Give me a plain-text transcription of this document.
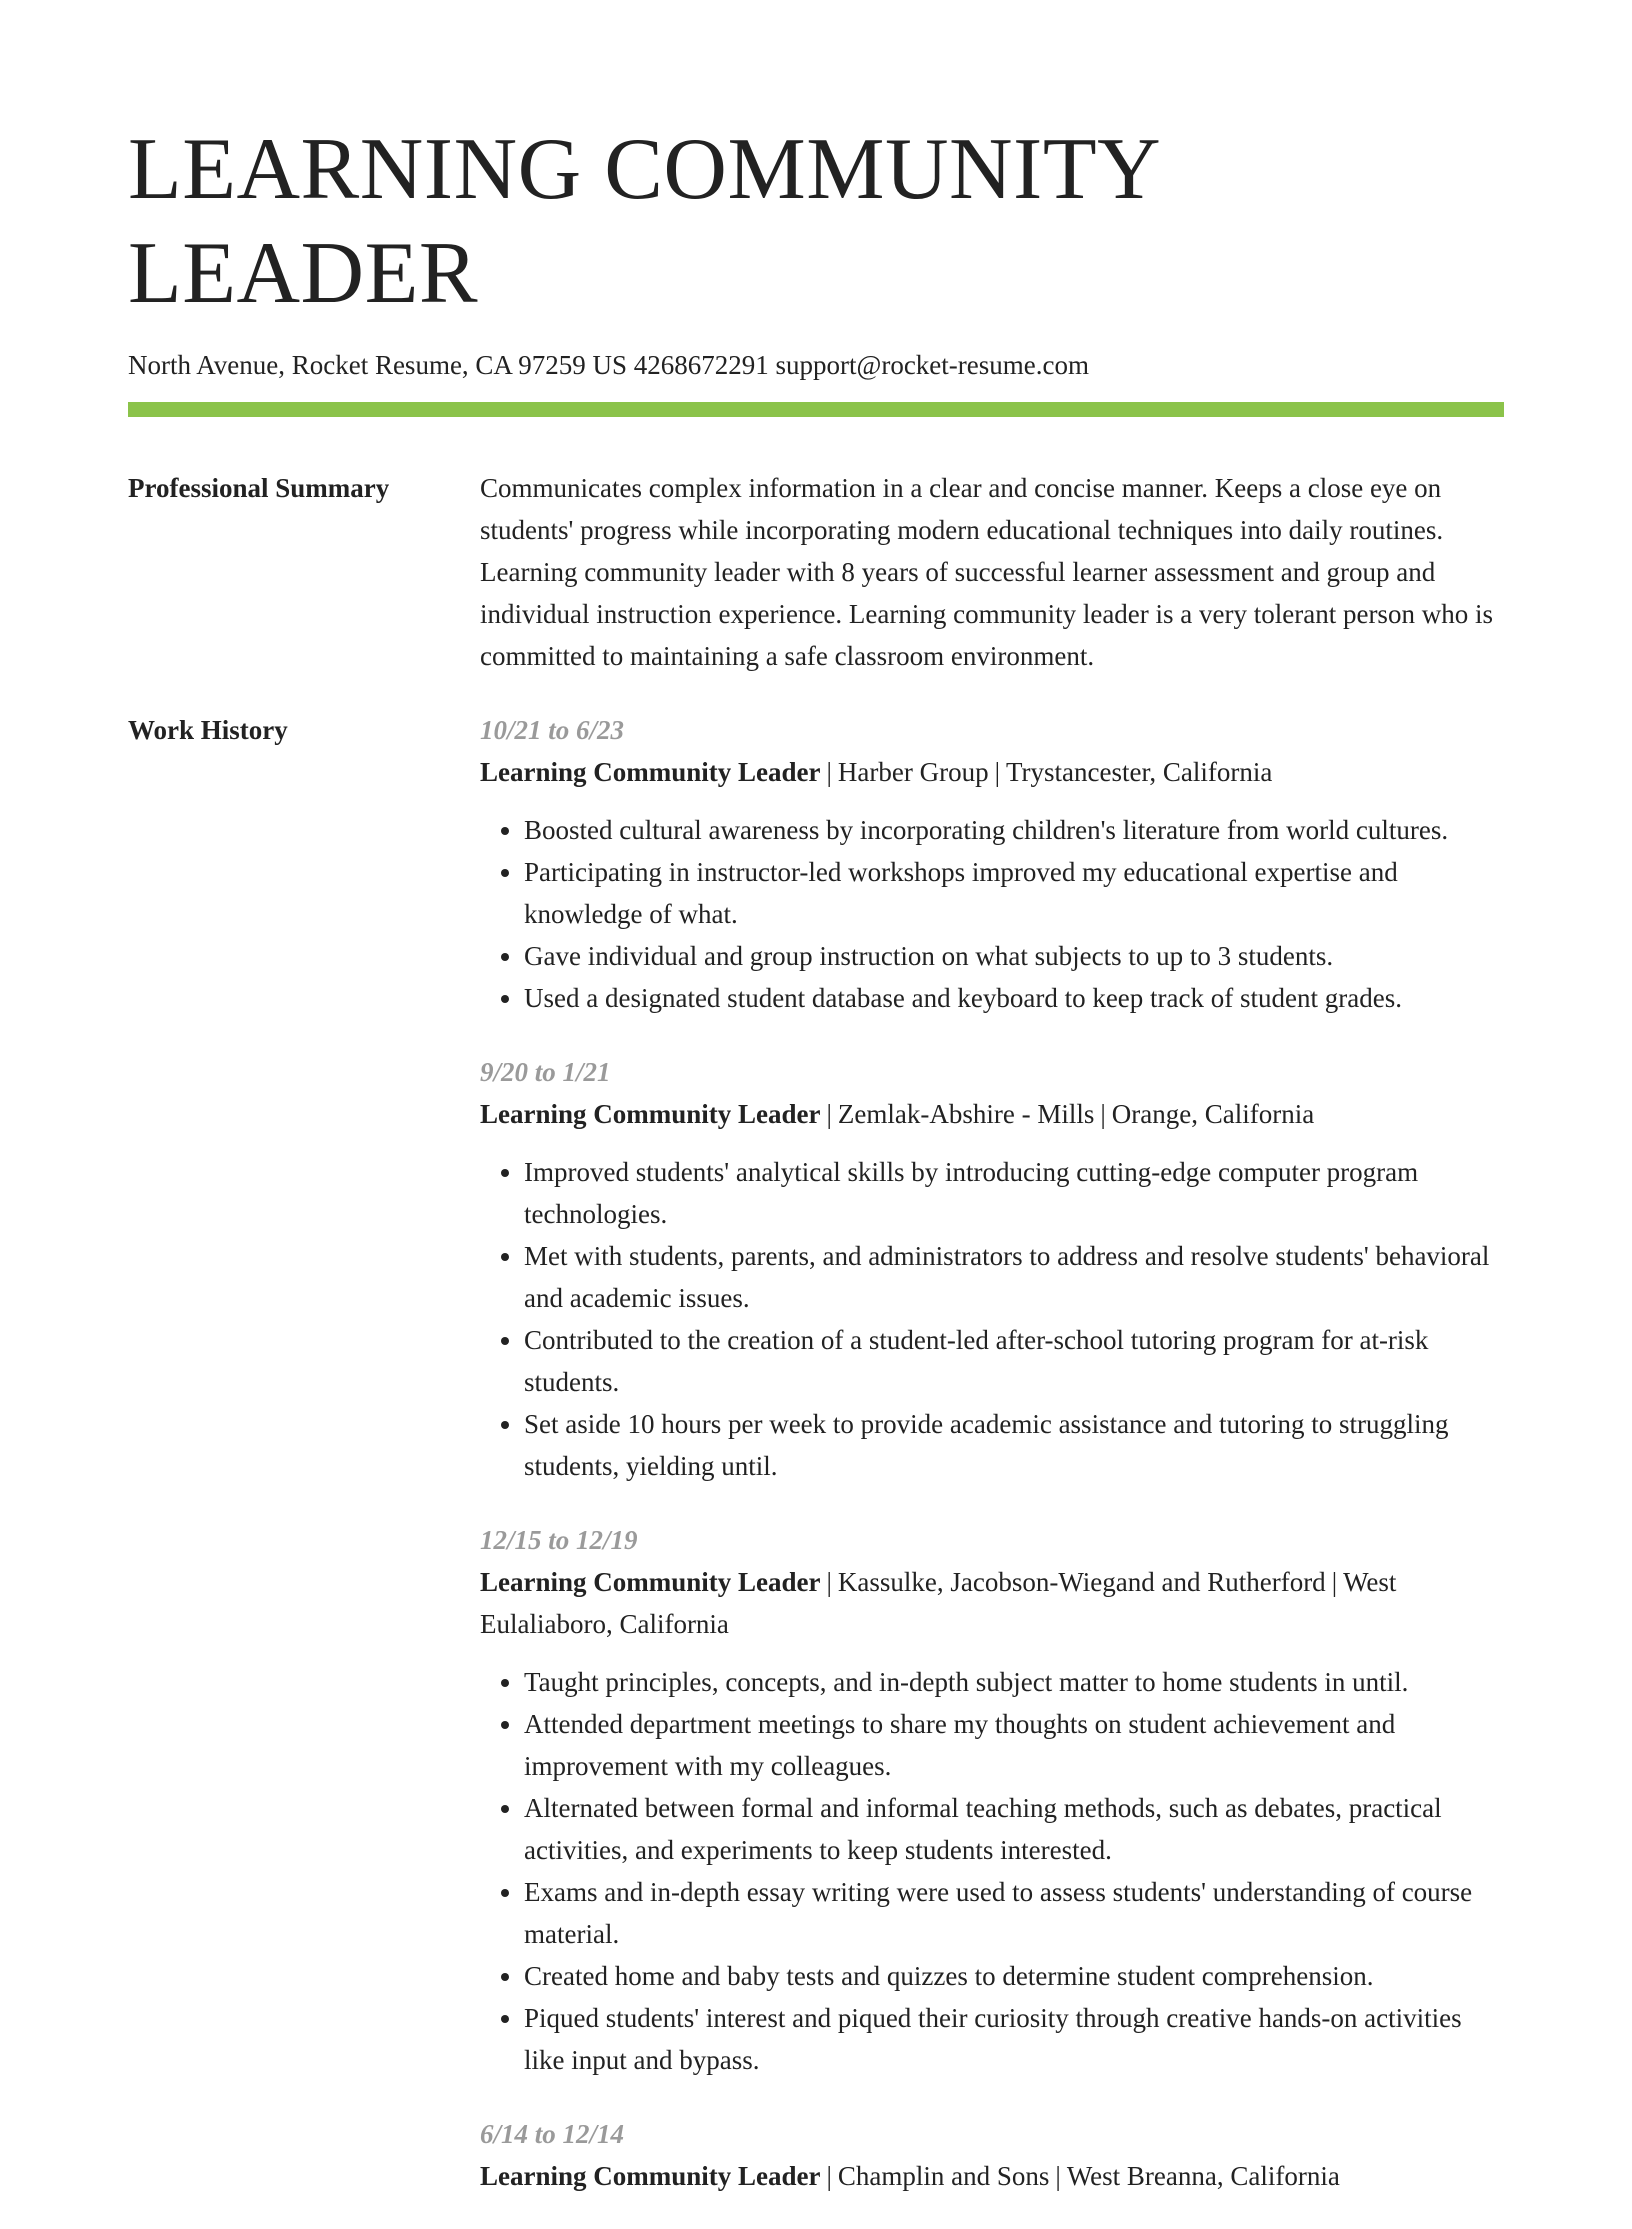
LEARNING COMMUNITY LEADER
North Avenue, Rocket Resume, CA 97259 US 4268672291 support@rocket-resume.com
Professional Summary	Communicates complex information in a clear and concise manner. Keeps a close eye on students' progress while incorporating modern educational techniques into daily routines. Learning community leader with 8 years of successful learner assessment and group and individual instruction experience. Learning community leader is a very tolerant person who is committed to maintaining a safe classroom environment.

Work History	10/21 to 6/23
Learning Community Leader | Harber Group | Trystancester, California
• Boosted cultural awareness by incorporating children's literature from world cultures.
• Participating in instructor-led workshops improved my educational expertise and knowledge of what.
• Gave individual and group instruction on what subjects to up to 3 students.
• Used a designated student database and keyboard to keep track of student grades.
9/20 to 1/21
Learning Community Leader | Zemlak-Abshire - Mills | Orange, California
• Improved students' analytical skills by introducing cutting-edge computer program technologies.
• Met with students, parents, and administrators to address and resolve students' behavioral and academic issues.
• Contributed to the creation of a student-led after-school tutoring program for at-risk students.
• Set aside 10 hours per week to provide academic assistance and tutoring to struggling students, yielding until.
12/15 to 12/19
Learning Community Leader | Kassulke, Jacobson-Wiegand and Rutherford | West Eulaliaboro, California
• Taught principles, concepts, and in-depth subject matter to home students in until.
• Attended department meetings to share my thoughts on student achievement and improvement with my colleagues.
• Alternated between formal and informal teaching methods, such as debates, practical activities, and experiments to keep students interested.
• Exams and in-depth essay writing were used to assess students' understanding of course material.
• Created home and baby tests and quizzes to determine student comprehension.
• Piqued students' interest and piqued their curiosity through creative hands-on activities like input and bypass.
6/14 to 12/14
Learning Community Leader | Champlin and Sons | West Breanna, California
